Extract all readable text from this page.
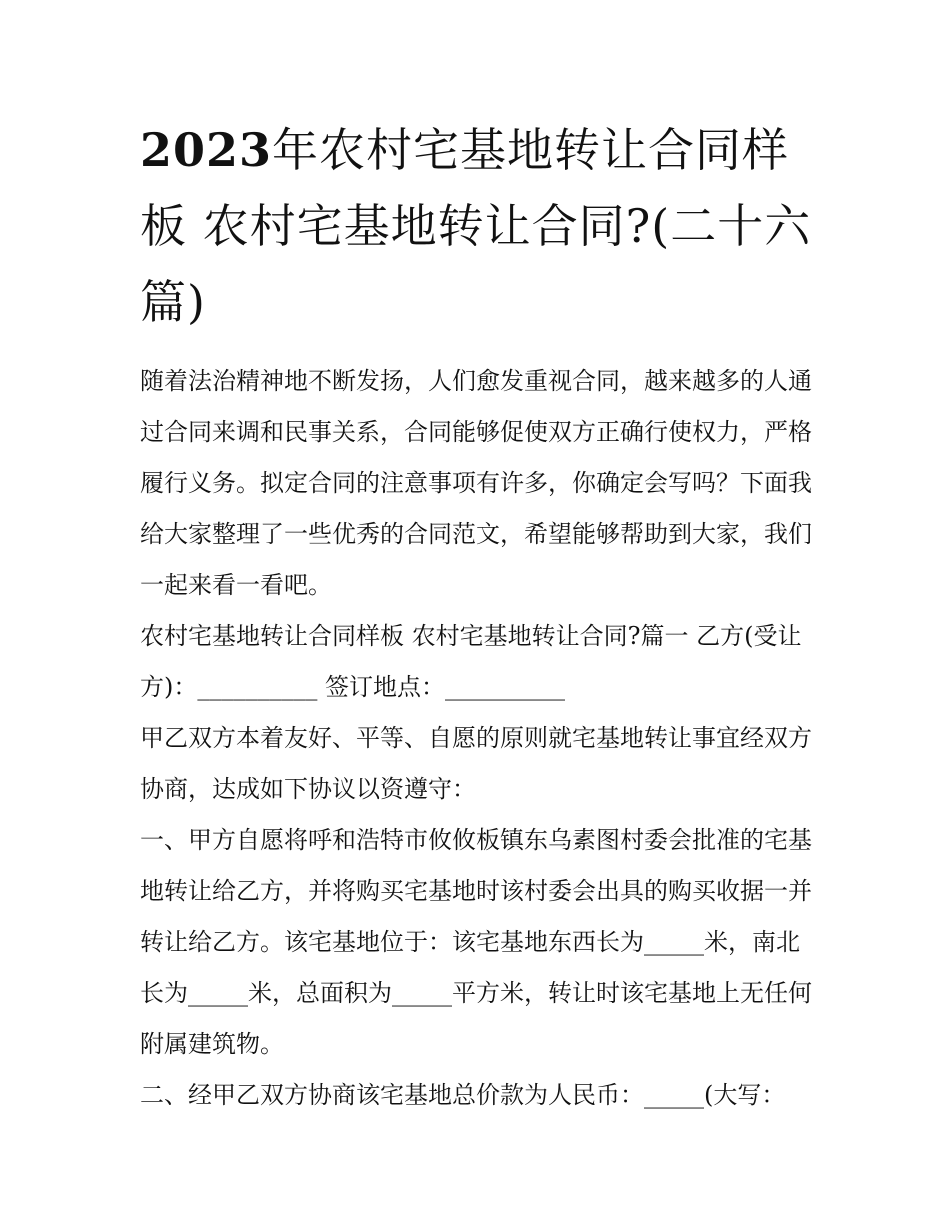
2023年农村宅基地转让合同样板 农村宅基地转让合同?(二十六篇)

随着法治精神地不断发扬，人们愈发重视合同，越来越多的人通过合同来调和民事关系，合同能够促使双方正确行使权力，严格履行义务。拟定合同的注意事项有许多，你确定会写吗？下面我给大家整理了一些优秀的合同范文，希望能够帮助到大家，我们一起来看一看吧。

农村宅基地转让合同样板 农村宅基地转让合同?篇一 乙方(受让方)：__________ 签订地点：__________

甲乙双方本着友好、平等、自愿的原则就宅基地转让事宜经双方协商，达成如下协议以资遵守：

一、甲方自愿将呼和浩特市攸攸板镇东乌素图村委会批准的宅基地转让给乙方，并将购买宅基地时该村委会出具的购买收据一并转让给乙方。该宅基地位于：该宅基地东西长为_____米，南北长为_____米，总面积为_____平方米，转让时该宅基地上无任何附属建筑物。

二、经甲乙双方协商该宅基地总价款为人民币：_____(大写：
